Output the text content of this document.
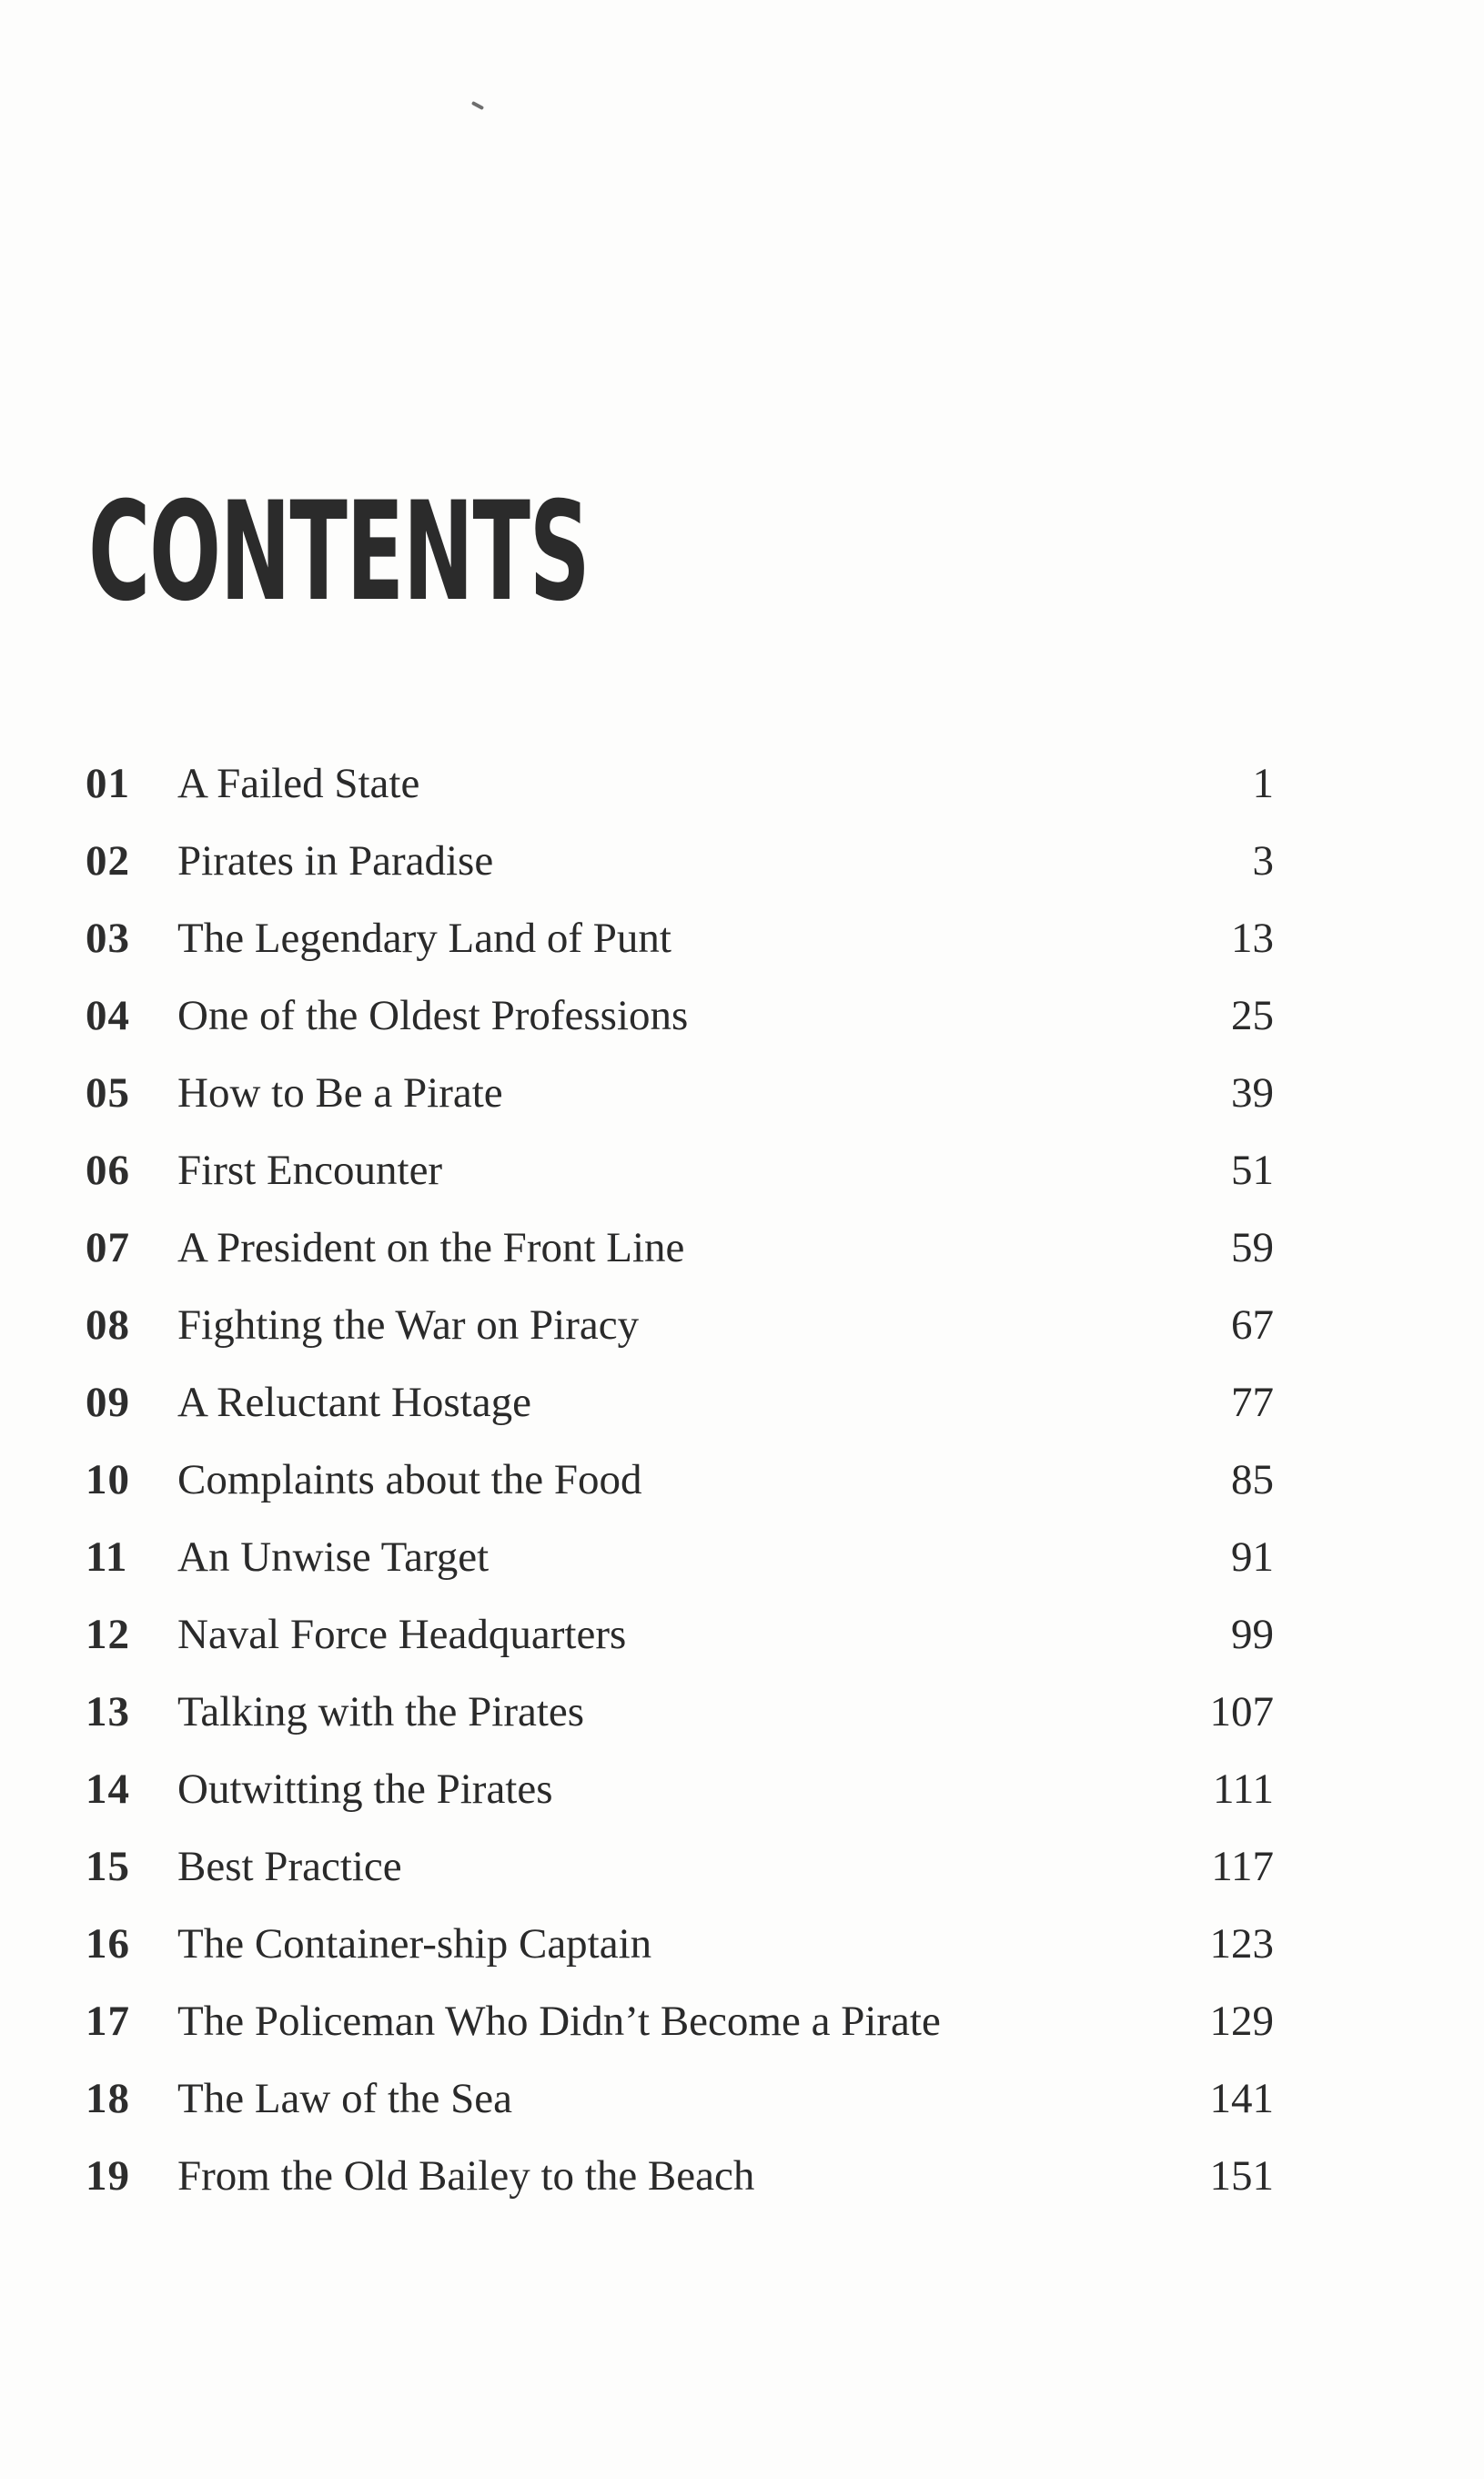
CONTENTS
01 A Failed State	1
02 Pirates in Paradise	3
03 The Legendary Land of Punt	13
04 One of the Oldest Professions	25
05 How to Be a Pirate	39
06 First Encounter	51
07 A President on the Front Line	59
08 Fighting the War on Piracy	67
09 A Reluctant Hostage	77
10 Complaints about the Food	85
11 An Unwise Target	91
12 Naval Force Headquarters	99
13 Talking with the Pirates	107
14 Outwitting the Pirates	111
15 Best Practice	117
16 The Container-ship Captain	123
17 The Policeman Who Didn’t Become a Pirate	129
18 The Law of the Sea	141
19 From the Old Bailey to the Beach	151
